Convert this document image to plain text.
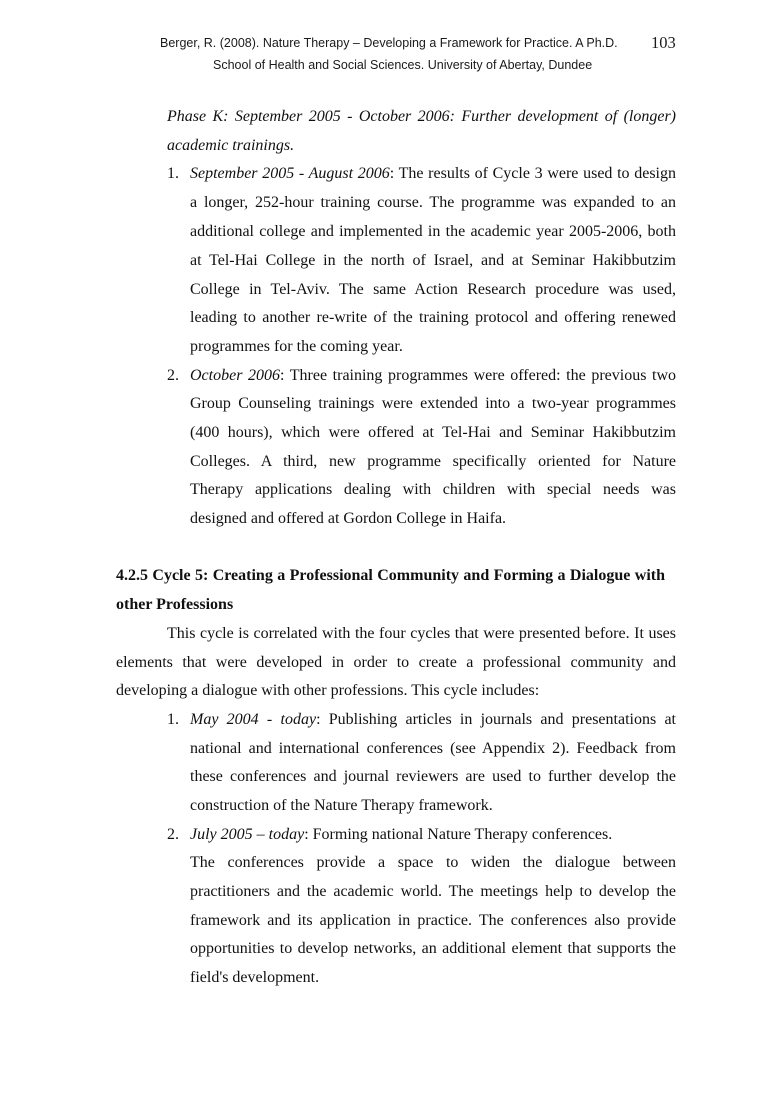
Berger, R. (2008). Nature Therapy – Developing a Framework for Practice. A Ph.D. 103
School of Health and Social Sciences. University of Abertay, Dundee
Phase K: September 2005 - October 2006: Further development of (longer)
academic trainings.
1. September 2005 - August 2006: The results of Cycle 3 were used to design
a longer, 252-hour training course. The programme was expanded to an
additional college and implemented in the academic year 2005-2006, both
at Tel-Hai College in the north of Israel, and at Seminar Hakibbutzim
College in Tel-Aviv. The same Action Research procedure was used,
leading to another re-write of the training protocol and offering renewed
programmes for the coming year.
2. October 2006: Three training programmes were offered: the previous two
Group Counseling trainings were extended into a two-year programmes
(400 hours), which were offered at Tel-Hai and Seminar Hakibbutzim
Colleges. A third, new programme specifically oriented for Nature
Therapy applications dealing with children with special needs was
designed and offered at Gordon College in Haifa.
4.2.5 Cycle 5: Creating a Professional Community and Forming a Dialogue with
other Professions
This cycle is correlated with the four cycles that were presented before. It uses
elements that were developed in order to create a professional community and
developing a dialogue with other professions. This cycle includes:
1. May 2004 - today: Publishing articles in journals and presentations at
national and international conferences (see Appendix 2). Feedback from
these conferences and journal reviewers are used to further develop the
construction of the Nature Therapy framework.
2. July 2005 – today: Forming national Nature Therapy conferences.
The conferences provide a space to widen the dialogue between
practitioners and the academic world. The meetings help to develop the
framework and its application in practice. The conferences also provide
opportunities to develop networks, an additional element that supports the
field's development.
